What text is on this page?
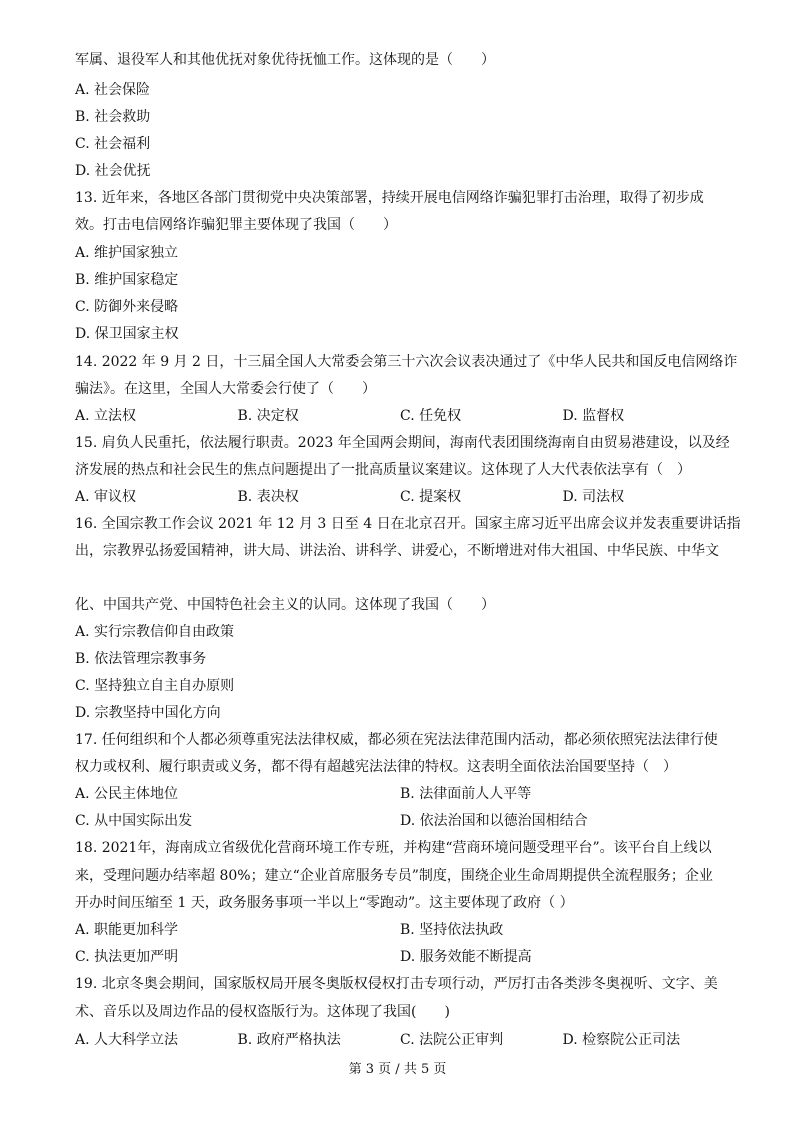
军属、退役军人和其他优抚对象优待抚恤工作。这体现的是（　　）
A. 社会保险
B. 社会救助
C. 社会福利
D. 社会优抚
13. 近年来，各地区各部门贯彻党中央决策部署，持续开展电信网络诈骗犯罪打击治理，取得了初步成
效。打击电信网络诈骗犯罪主要体现了我国（　　）
A. 维护国家独立
B. 维护国家稳定
C. 防御外来侵略
D. 保卫国家主权
14. 2022 年 9 月 2 日，十三届全国人大常委会第三十六次会议表决通过了《中华人民共和国反电信网络诈
骗法》。在这里，全国人大常委会行使了（　　）
A. 立法权	B. 决定权	C. 任免权	D. 监督权
15. 肩负人民重托，依法履行职责。2023 年全国两会期间，海南代表团围绕海南自由贸易港建设，以及经
济发展的热点和社会民生的焦点问题提出了一批高质量议案建议。这体现了人大代表依法享有（　）
A. 审议权	B. 表决权	C. 提案权	D. 司法权
16. 全国宗教工作会议 2021 年 12 月 3 日至 4 日在北京召开。国家主席习近平出席会议并发表重要讲话指
出，宗教界弘扬爱国精神，讲大局、讲法治、讲科学、讲爱心，不断增进对伟大祖国、中华民族、中华文
化、中国共产党、中国特色社会主义的认同。这体现了我国（　　）
A. 实行宗教信仰自由政策
B. 依法管理宗教事务
C. 坚持独立自主自办原则
D. 宗教坚持中国化方向
17. 任何组织和个人都必须尊重宪法法律权威，都必须在宪法法律范围内活动，都必须依照宪法法律行使
权力或权利、履行职责或义务，都不得有超越宪法法律的特权。这表明全面依法治国要坚持（　）
A. 公民主体地位	B. 法律面前人人平等
C. 从中国实际出发	D. 依法治国和以德治国相结合
18. 2021年，海南成立省级优化营商环境工作专班，并构建“营商环境问题受理平台”。该平台自上线以
来，受理问题办结率超 80%；建立“企业首席服务专员”制度，围绕企业生命周期提供全流程服务；企业
开办时间压缩至 1 天，政务服务事项一半以上“零跑动”。这主要体现了政府（ ）
A. 职能更加科学	B. 坚持依法执政
C. 执法更加严明	D. 服务效能不断提高
19. 北京冬奥会期间，国家版权局开展冬奥版权侵权打击专项行动，严厉打击各类涉冬奥视听、文字、美
术、音乐以及周边作品的侵权盗版行为。这体现了我国(　　)
A. 人大科学立法	B. 政府严格执法	C. 法院公正审判	D. 检察院公正司法
第 3 页 / 共 5 页
